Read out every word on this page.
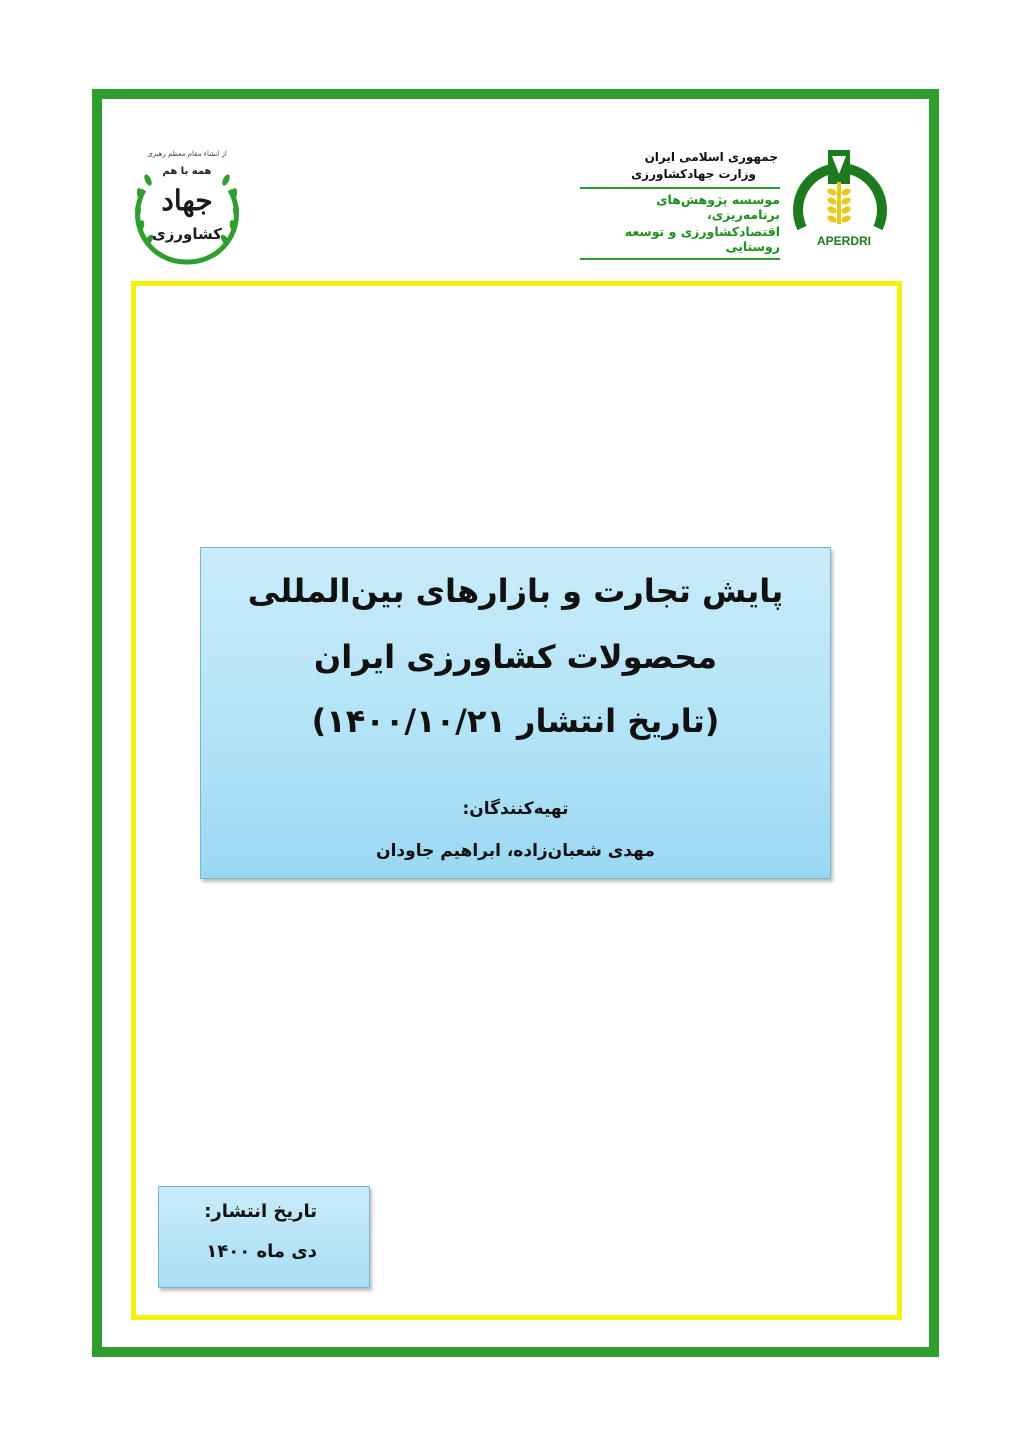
از انشاء مقام معظم رهبری
همه با هم
جهاد
کشاورزی
جمهوری اسلامی ایران
وزارت جهادکشاورزی
موسسه پژوهش‌های برنامه‌ریزی،
اقتصادکشاورزی و توسعه روستایی	APERDRI
پایش تجارت و بازارهای بین‌المللی
محصولات کشاورزی ایران
(تاریخ انتشار ۱۴۰۰/۱۰/۲۱)
تهیه‌کنندگان:
مهدی شعبان‌زاده، ابراهیم جاودان
تاریخ انتشار:
دی ماه ۱۴۰۰
